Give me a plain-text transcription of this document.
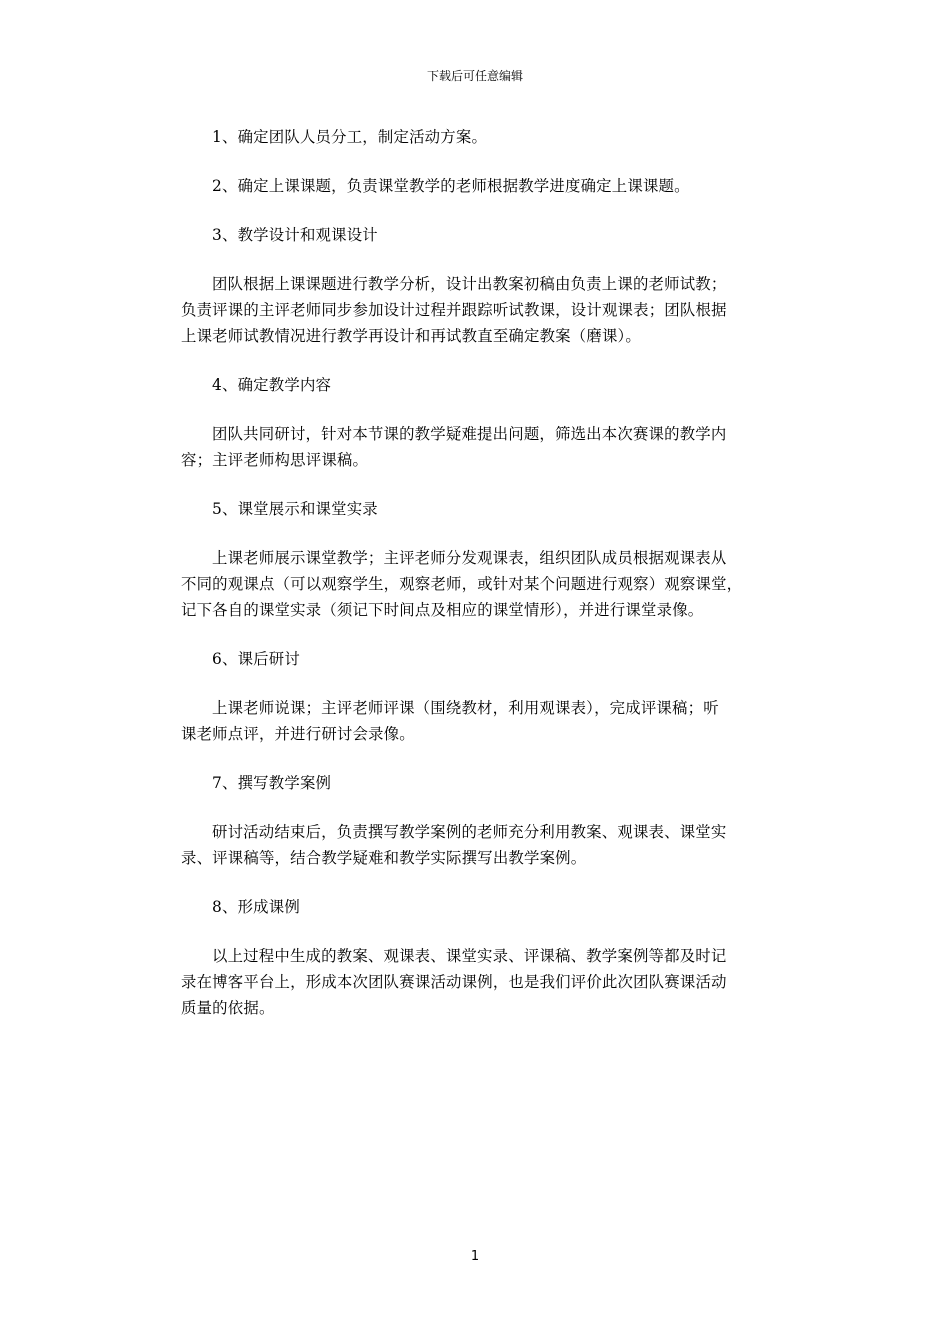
下载后可任意编辑

1、确定团队人员分工，制定活动方案。

2、确定上课课题，负责课堂教学的老师根据教学进度确定上课课题。

3、教学设计和观课设计

团队根据上课课题进行教学分析，设计出教案初稿由负责上课的老师试教；
负责评课的主评老师同步参加设计过程并跟踪听试教课，设计观课表；团队根据
上课老师试教情况进行教学再设计和再试教直至确定教案（磨课）。

4、确定教学内容

团队共同研讨，针对本节课的教学疑难提出问题，筛选出本次赛课的教学内
容；主评老师构思评课稿。

5、课堂展示和课堂实录

上课老师展示课堂教学；主评老师分发观课表，组织团队成员根据观课表从
不同的观课点（可以观察学生，观察老师，或针对某个问题进行观察）观察课堂，
记下各自的课堂实录（须记下时间点及相应的课堂情形），并进行课堂录像。

6、课后研讨

上课老师说课；主评老师评课（围绕教材，利用观课表），完成评课稿；听
课老师点评，并进行研讨会录像。

7、撰写教学案例

研讨活动结束后，负责撰写教学案例的老师充分利用教案、观课表、课堂实
录、评课稿等，结合教学疑难和教学实际撰写出教学案例。

8、形成课例

以上过程中生成的教案、观课表、课堂实录、评课稿、教学案例等都及时记
录在博客平台上，形成本次团队赛课活动课例，也是我们评价此次团队赛课活动
质量的依据。

1
